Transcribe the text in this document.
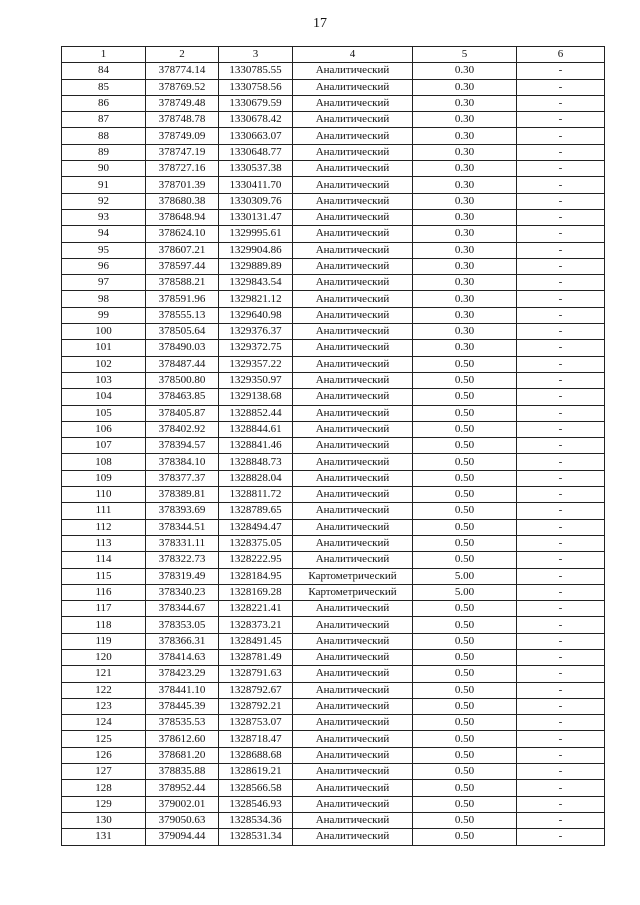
17
1	2	3	4	5	6
84	378774.14	1330785.55	Аналитический	0.30	-
85	378769.52	1330758.56	Аналитический	0.30	-
86	378749.48	1330679.59	Аналитический	0.30	-
87	378748.78	1330678.42	Аналитический	0.30	-
88	378749.09	1330663.07	Аналитический	0.30	-
89	378747.19	1330648.77	Аналитический	0.30	-
90	378727.16	1330537.38	Аналитический	0.30	-
91	378701.39	1330411.70	Аналитический	0.30	-
92	378680.38	1330309.76	Аналитический	0.30	-
93	378648.94	1330131.47	Аналитический	0.30	-
94	378624.10	1329995.61	Аналитический	0.30	-
95	378607.21	1329904.86	Аналитический	0.30	-
96	378597.44	1329889.89	Аналитический	0.30	-
97	378588.21	1329843.54	Аналитический	0.30	-
98	378591.96	1329821.12	Аналитический	0.30	-
99	378555.13	1329640.98	Аналитический	0.30	-
100	378505.64	1329376.37	Аналитический	0.30	-
101	378490.03	1329372.75	Аналитический	0.30	-
102	378487.44	1329357.22	Аналитический	0.50	-
103	378500.80	1329350.97	Аналитический	0.50	-
104	378463.85	1329138.68	Аналитический	0.50	-
105	378405.87	1328852.44	Аналитический	0.50	-
106	378402.92	1328844.61	Аналитический	0.50	-
107	378394.57	1328841.46	Аналитический	0.50	-
108	378384.10	1328848.73	Аналитический	0.50	-
109	378377.37	1328828.04	Аналитический	0.50	-
110	378389.81	1328811.72	Аналитический	0.50	-
111	378393.69	1328789.65	Аналитический	0.50	-
112	378344.51	1328494.47	Аналитический	0.50	-
113	378331.11	1328375.05	Аналитический	0.50	-
114	378322.73	1328222.95	Аналитический	0.50	-
115	378319.49	1328184.95	Картометрический	5.00	-
116	378340.23	1328169.28	Картометрический	5.00	-
117	378344.67	1328221.41	Аналитический	0.50	-
118	378353.05	1328373.21	Аналитический	0.50	-
119	378366.31	1328491.45	Аналитический	0.50	-
120	378414.63	1328781.49	Аналитический	0.50	-
121	378423.29	1328791.63	Аналитический	0.50	-
122	378441.10	1328792.67	Аналитический	0.50	-
123	378445.39	1328792.21	Аналитический	0.50	-
124	378535.53	1328753.07	Аналитический	0.50	-
125	378612.60	1328718.47	Аналитический	0.50	-
126	378681.20	1328688.68	Аналитический	0.50	-
127	378835.88	1328619.21	Аналитический	0.50	-
128	378952.44	1328566.58	Аналитический	0.50	-
129	379002.01	1328546.93	Аналитический	0.50	-
130	379050.63	1328534.36	Аналитический	0.50	-
131	379094.44	1328531.34	Аналитический	0.50	-
